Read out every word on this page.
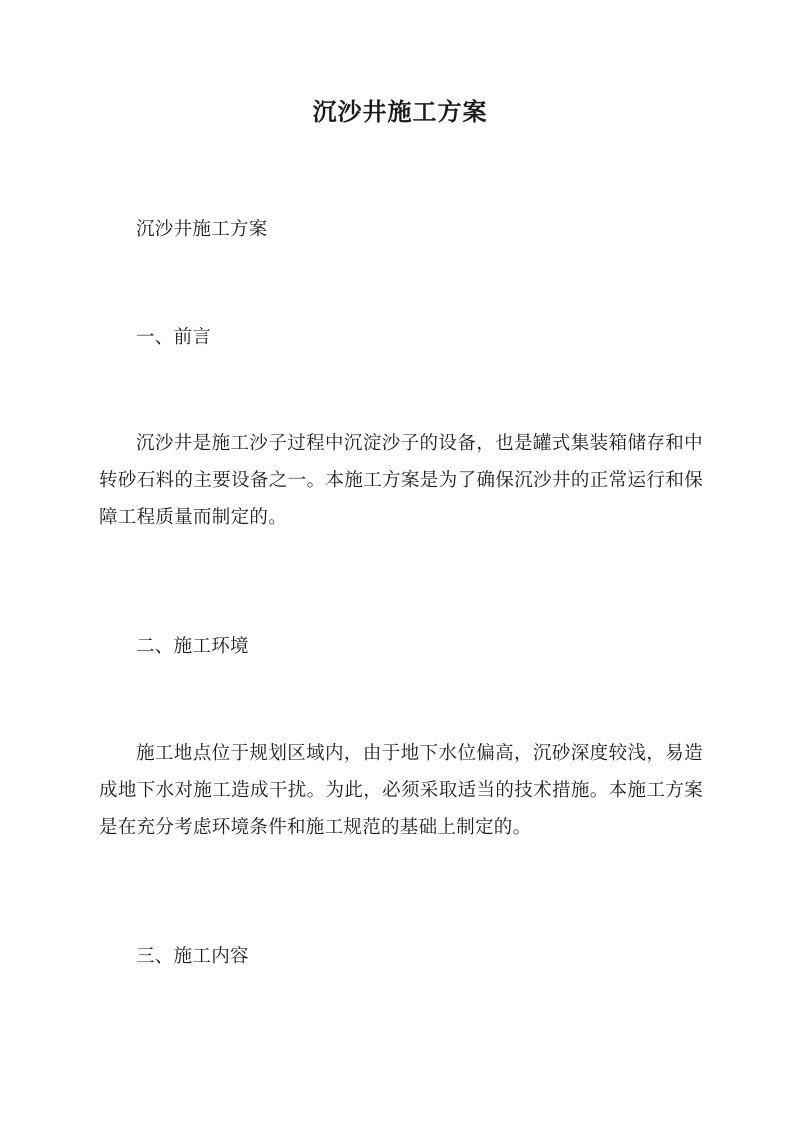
沉沙井施工方案

沉沙井施工方案

一、前言

沉沙井是施工沙子过程中沉淀沙子的设备，也是罐式集装箱储存和中转砂石料的主要设备之一。本施工方案是为了确保沉沙井的正常运行和保障工程质量而制定的。

二、施工环境

施工地点位于规划区域内，由于地下水位偏高，沉砂深度较浅，易造成地下水对施工造成干扰。为此，必须采取适当的技术措施。本施工方案是在充分考虑环境条件和施工规范的基础上制定的。

三、施工内容
